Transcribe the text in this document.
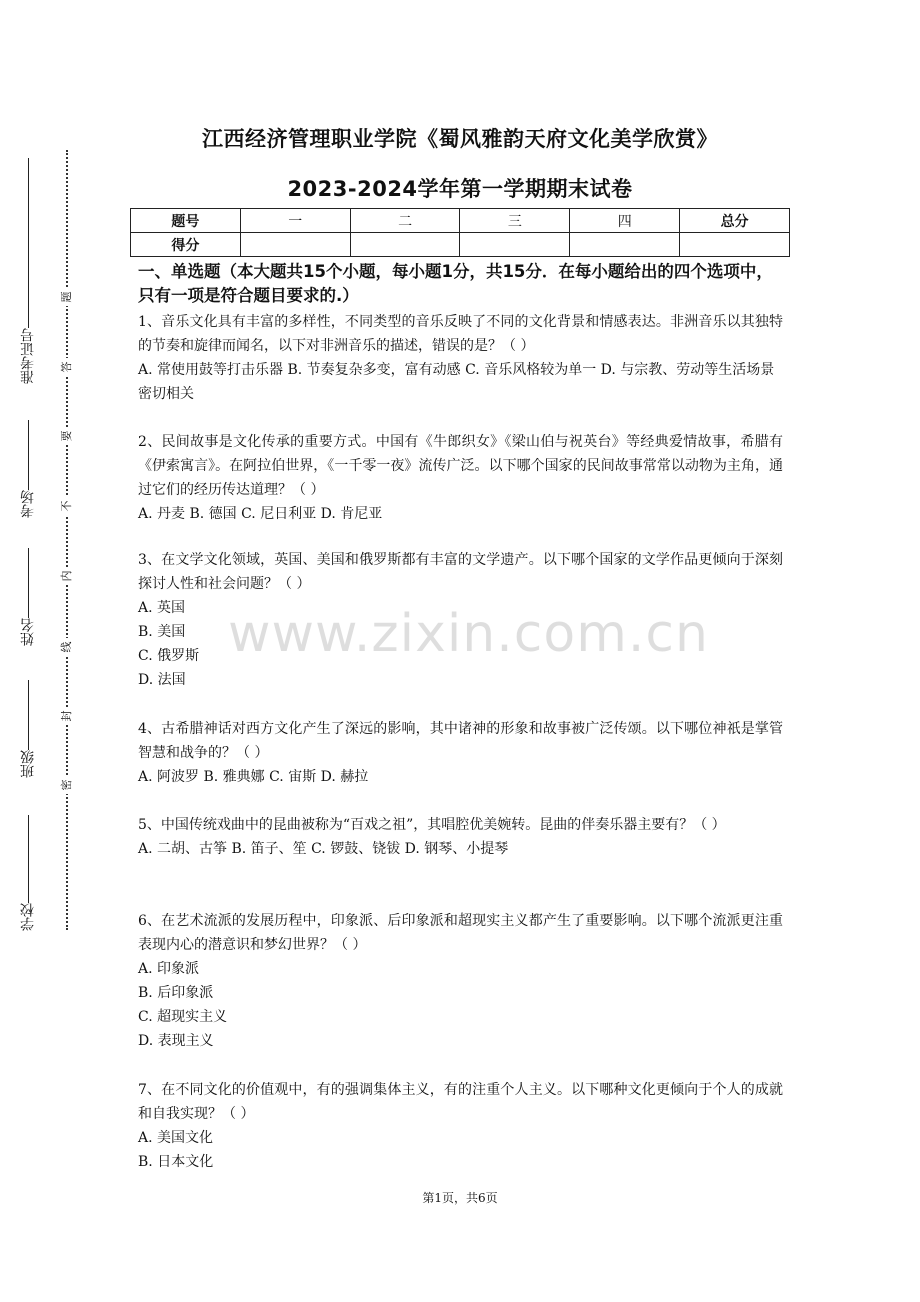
准考证号
考场
姓名
班级
学校
题
答
要
不
内
线
封
密
江西经济管理职业学院《蜀风雅韵天府文化美学欣赏》
2023-2024学年第一学期期末试卷
题号	一	二	三	四	总分
得分					
一、单选题（本大题共15个小题，每小题1分，共15分．在每小题给出的四个选项中，只有一项是符合题目要求的.）

1、音乐文化具有丰富的多样性，不同类型的音乐反映了不同的文化背景和情感表达。非洲音乐以其独特的节奏和旋律而闻名，以下对非洲音乐的描述，错误的是？（ ）

A. 常使用鼓等打击乐器 B. 节奏复杂多变，富有动感 C. 音乐风格较为单一 D. 与宗教、劳动等生活场景密切相关

2、民间故事是文化传承的重要方式。中国有《牛郎织女》《梁山伯与祝英台》等经典爱情故事，希腊有《伊索寓言》。在阿拉伯世界，《一千零一夜》流传广泛。以下哪个国家的民间故事常常以动物为主角，通过它们的经历传达道理？（ ）

A. 丹麦 B. 德国 C. 尼日利亚 D. 肯尼亚

3、在文学文化领域，英国、美国和俄罗斯都有丰富的文学遗产。以下哪个国家的文学作品更倾向于深刻探讨人性和社会问题？（ ）

A. 英国

B. 美国

C. 俄罗斯

D. 法国

4、古希腊神话对西方文化产生了深远的影响，其中诸神的形象和故事被广泛传颂。以下哪位神祇是掌管智慧和战争的？（ ）

A. 阿波罗 B. 雅典娜 C. 宙斯 D. 赫拉

5、中国传统戏曲中的昆曲被称为“百戏之祖”，其唱腔优美婉转。昆曲的伴奏乐器主要有？（ ）

A. 二胡、古筝 B. 笛子、笙 C. 锣鼓、铙钹 D. 钢琴、小提琴

6、在艺术流派的发展历程中，印象派、后印象派和超现实主义都产生了重要影响。以下哪个流派更注重表现内心的潜意识和梦幻世界？（ ）

A. 印象派

B. 后印象派

C. 超现实主义

D. 表现主义

7、在不同文化的价值观中，有的强调集体主义，有的注重个人主义。以下哪种文化更倾向于个人的成就和自我实现？（ ）

A. 美国文化

B. 日本文化

www.zixin.com.cn
第1页，共6页
